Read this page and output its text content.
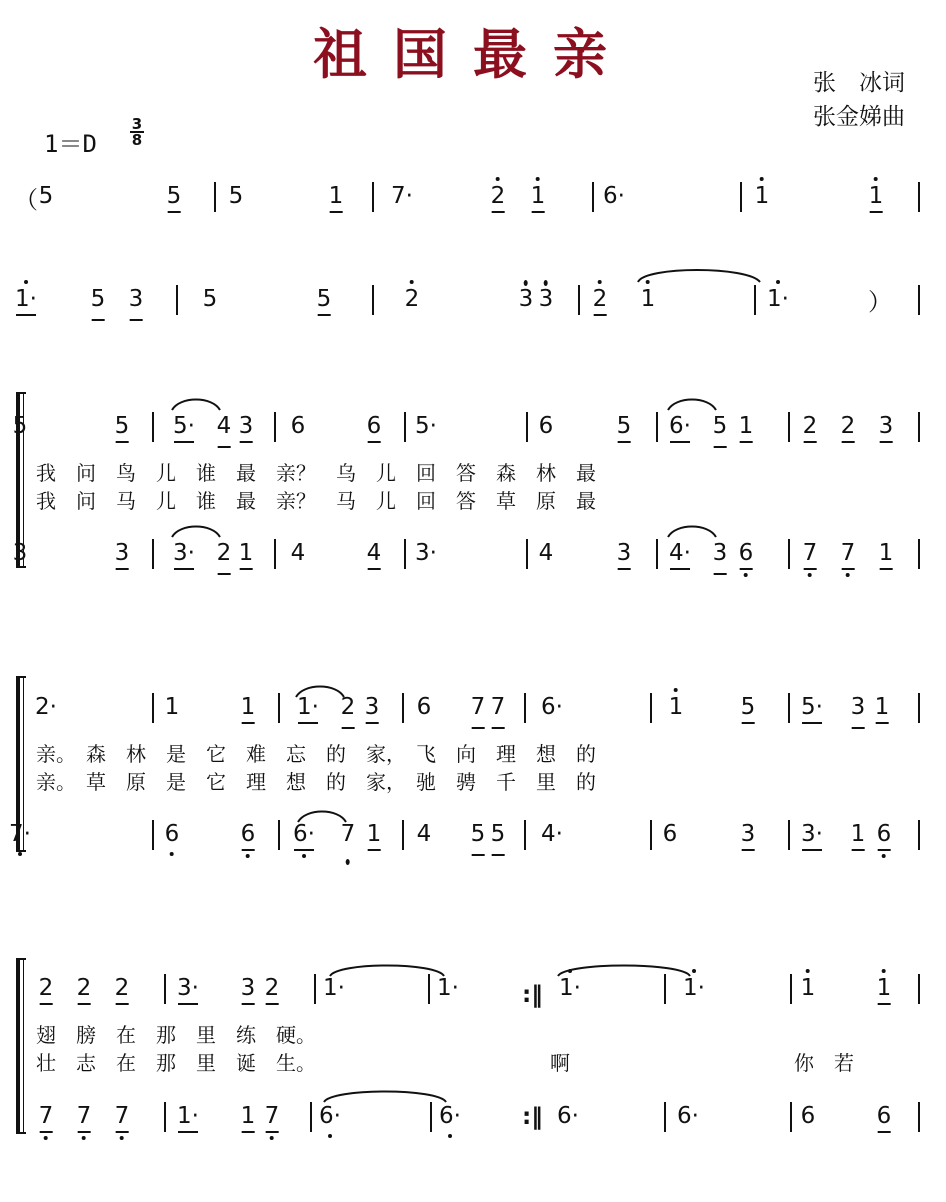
祖国最亲	张　冰词
张金娣曲
1＝D
3
8
（
）
5	5 5	1 7·	2 1	6·	1	1
1· 5 3	5	5	2	3 3 2 1	1·
5	5 5· 4 3 6	6 5·	6	5 6· 5 1 2 2 3
3	3 3· 2 1 4	4 3·	4	3 4· 3 6 7 7 1
2·	1	1 1· 2 3 6 7 7 6·	1 5 5· 3 1
7·	6	6 6· 7 1 4 5 5 4·	6	3 3· 1 6
2 2 2 3· 3 2 1·	1·	1·	1·	1	1
7 7 7 1· 1 7 6·	6·	6·	6·	6	6
:‖
:‖
我　问　鸟　儿　谁　最　亲？　乌　儿　回　答　森　林　最
我　问　马　儿　谁　最　亲？　马　儿　回　答　草　原　最
亲。　森　林　是　它　难　忘　的　家，　飞　向　理　想　的
亲。　草　原　是　它　理　想　的　家，　驰　骋　千　里　的
翅　膀　在　那　里　练　硬。
壮　志　在　那　里　诞　生。	啊	你　若
